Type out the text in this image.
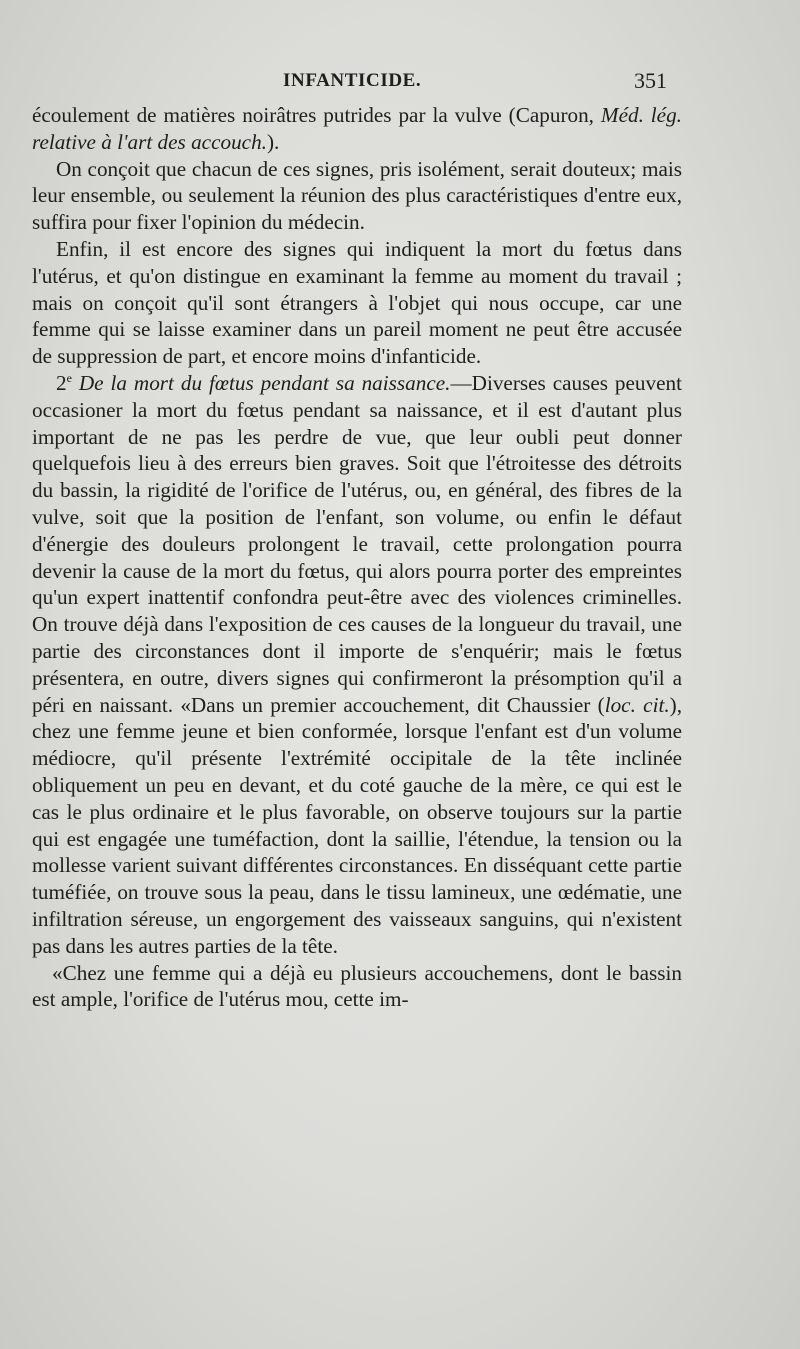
INFANTICIDE.	351

écoulement de matières noirâtres putrides par la vulve (Capuron, Méd. lég. relative à l'art des accouch.).

On conçoit que chacun de ces signes, pris isolément, serait douteux; mais leur ensemble, ou seulement la réunion des plus caractéristiques d'entre eux, suffira pour fixer l'opinion du médecin.

Enfin, il est encore des signes qui indiquent la mort du fœtus dans l'utérus, et qu'on distingue en examinant la femme au moment du travail ; mais on conçoit qu'il sont étrangers à l'objet qui nous occupe, car une femme qui se laisse examiner dans un pareil moment ne peut être accusée de suppression de part, et encore moins d'infanticide.

2e De la mort du fœtus pendant sa naissance.—Diverses causes peuvent occasioner la mort du fœtus pendant sa naissance, et il est d'autant plus important de ne pas les perdre de vue, que leur oubli peut donner quelquefois lieu à des erreurs bien graves. Soit que l'étroitesse des détroits du bassin, la rigidité de l'orifice de l'utérus, ou, en général, des fibres de la vulve, soit que la position de l'enfant, son volume, ou enfin le défaut d'énergie des douleurs prolongent le travail, cette prolongation pourra devenir la cause de la mort du fœtus, qui alors pourra porter des empreintes qu'un expert inattentif confondra peut-être avec des violences criminelles. On trouve déjà dans l'exposition de ces causes de la longueur du travail, une partie des circonstances dont il importe de s'enquérir; mais le fœtus présentera, en outre, divers signes qui confirmeront la présomption qu'il a péri en naissant. «Dans un premier accouchement, dit Chaussier (loc. cit.), chez une femme jeune et bien conformée, lorsque l'enfant est d'un volume médiocre, qu'il présente l'extrémité occipitale de la tête inclinée obliquement un peu en devant, et du coté gauche de la mère, ce qui est le cas le plus ordinaire et le plus favorable, on observe toujours sur la partie qui est engagée une tuméfaction, dont la saillie, l'étendue, la tension ou la mollesse varient suivant différentes circonstances. En disséquant cette partie tuméfiée, on trouve sous la peau, dans le tissu lamineux, une œdématie, une infiltration séreuse, un engorgement des vaisseaux sanguins, qui n'existent pas dans les autres parties de la tête.

«Chez une femme qui a déjà eu plusieurs accouchemens, dont le bassin est ample, l'orifice de l'utérus mou, cette im-
